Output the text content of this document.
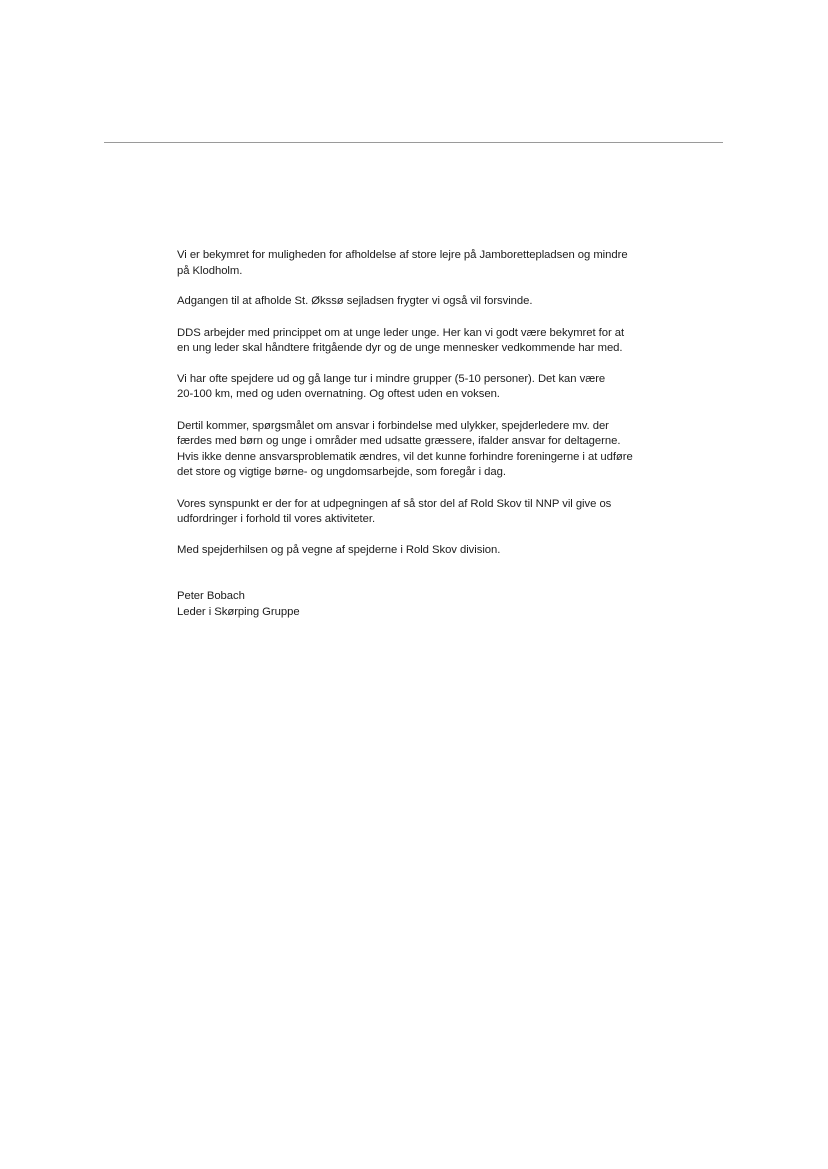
Vi er bekymret for muligheden for afholdelse af store lejre på Jamborettepladsen og mindre
på Klodholm.

Adgangen til at afholde St. Økssø sejladsen frygter vi også vil forsvinde.

DDS arbejder med princippet om at unge leder unge. Her kan vi godt være bekymret for at
en ung leder skal håndtere fritgående dyr og de unge mennesker vedkommende har med.

Vi har ofte spejdere ud og gå lange tur i mindre grupper (5-10 personer). Det kan være
20-100 km, med og uden overnatning. Og oftest uden en voksen.

Dertil kommer, spørgsmålet om ansvar i forbindelse med ulykker, spejderledere mv. der
færdes med børn og unge i områder med udsatte græssere, ifalder ansvar for deltagerne.
Hvis ikke denne ansvarsproblematik ændres, vil det kunne forhindre foreningerne i at udføre
det store og vigtige børne- og ungdomsarbejde, som foregår i dag.

Vores synspunkt er der for at udpegningen af så stor del af Rold Skov til NNP vil give os
udfordringer i forhold til vores aktiviteter.

Med spejderhilsen og på vegne af spejderne i Rold Skov division.

Peter Bobach
Leder i Skørping Gruppe
